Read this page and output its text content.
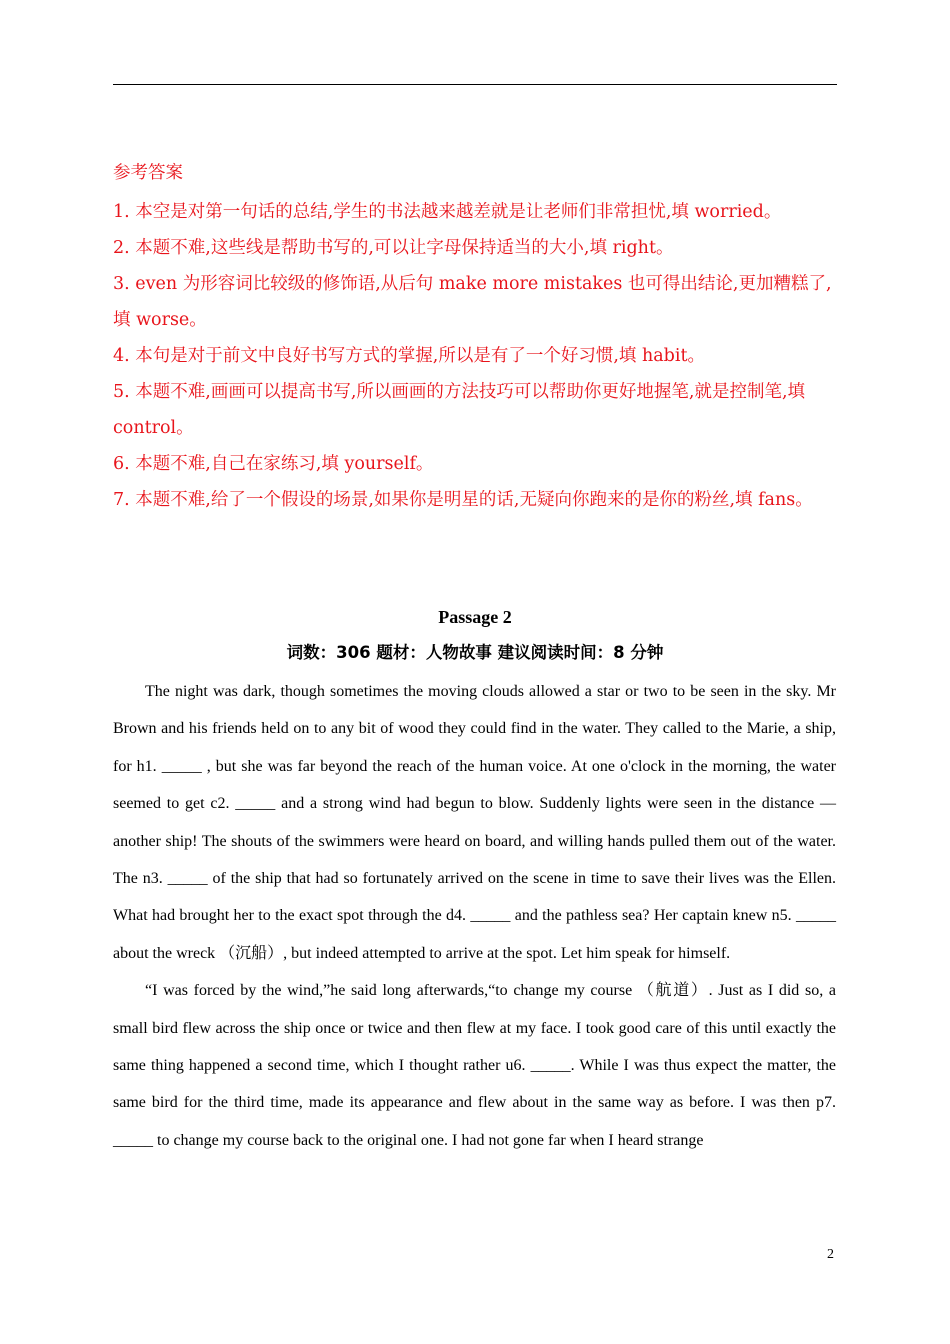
参考答案

1. 本空是对第一句话的总结,学生的书法越来越差就是让老师们非常担忧,填 worried。

2. 本题不难,这些线是帮助书写的,可以让字母保持适当的大小,填 right。

3. even 为形容词比较级的修饰语,从后句 make more mistakes 也可得出结论,更加糟糕了,填 worse。

4. 本句是对于前文中良好书写方式的掌握,所以是有了一个好习惯,填 habit。

5. 本题不难,画画可以提高书写,所以画画的方法技巧可以帮助你更好地握笔,就是控制笔,填 control。

6. 本题不难,自己在家练习,填 yourself。

7. 本题不难,给了一个假设的场景,如果你是明星的话,无疑向你跑来的是你的粉丝,填 fans。

Passage 2
词数：306 题材：人物故事 建议阅读时间：8 分钟

The night was dark, though sometimes the moving clouds allowed a star or two to be seen in the sky. Mr Brown and his friends held on to any bit of wood they could find in the water. They called to the Marie, a ship, for h1. _____ , but she was far beyond the reach of the human voice. At one o'clock in the morning, the water seemed to get c2. _____ and a strong wind had begun to blow. Suddenly lights were seen in the distance — another ship! The shouts of the swimmers were heard on board, and willing hands pulled them out of the water. The n3. _____ of the ship that had so fortunately arrived on the scene in time to save their lives was the Ellen. What had brought her to the exact spot through the d4. _____ and the pathless sea? Her captain knew n5. _____ about the wreck （沉船）, but indeed attempted to arrive at the spot. Let him speak for himself.

“I was forced by the wind,”he said long afterwards,“to change my course （航道）. Just as I did so, a small bird flew across the ship once or twice and then flew at my face. I took good care of this until exactly the same thing happened a second time, which I thought rather u6. _____. While I was thus expect the matter, the same bird for the third time, made its appearance and flew about in the same way as before. I was then p7. _____ to change my course back to the original one. I had not gone far when I heard strange

2
